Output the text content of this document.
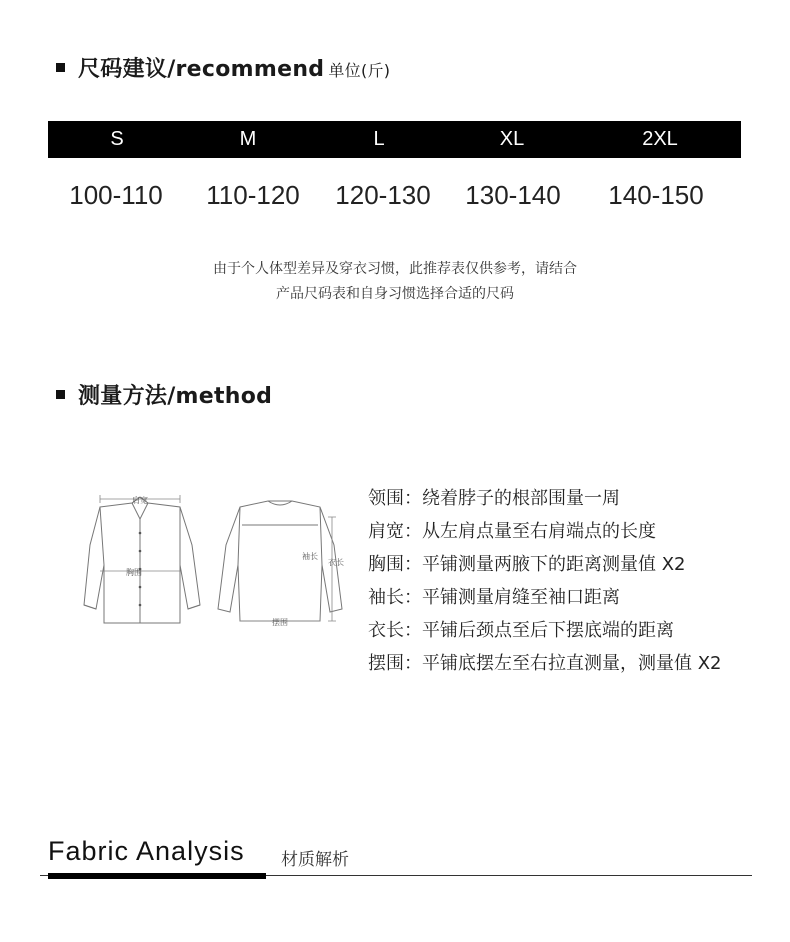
尺码建议/recommend 单位(斤)
S	M	L	XL	2XL
100-110	110-120	120-130	130-140	140-150
由于个人体型差异及穿衣习惯，此推荐表仅供参考，请结合
产品尺码表和自身习惯选择合适的尺码
测量方法/method
肩宽
胸围
摆围
袖长
衣长
领围：绕着脖子的根部围量一周
肩宽：从左肩点量至右肩端点的长度
胸围：平铺测量两腋下的距离测量值 X2
袖长：平铺测量肩缝至袖口距离
衣长：平铺后颈点至后下摆底端的距离
摆围：平铺底摆左至右拉直测量，测量值 X2
Fabric Analysis 材质解析
